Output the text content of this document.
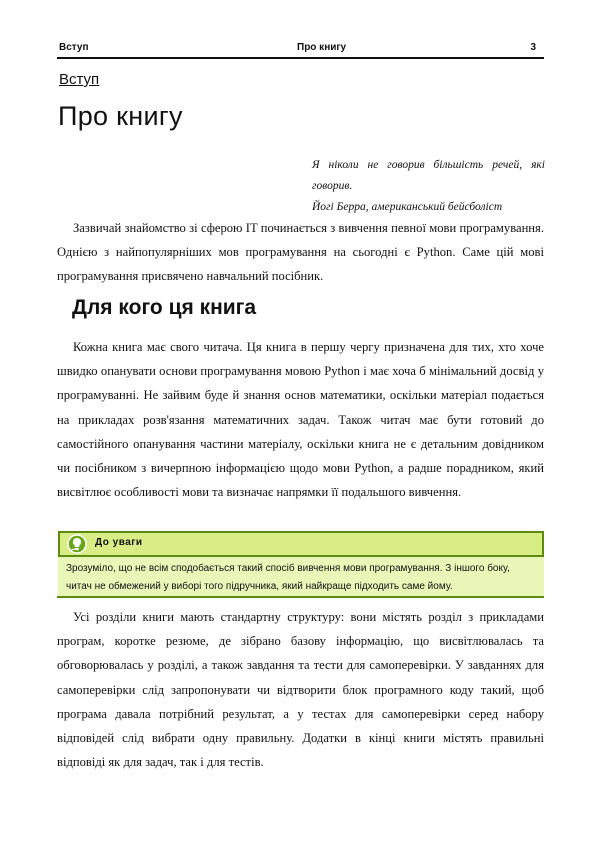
Вступ	Про книгу	3
Вступ
Про книгу
Я ніколи не говорив більшість речей, які говорив.
Йогі Берра, американський бейсболіст

Зазвичай знайомство зі сферою IT починається з вивчення певної мови програмування. Однією з найпопулярніших мов програмування на сьогодні є Python. Саме цій мові програмування присвячено навчальний посібник.

Для кого ця книга

Кожна книга має свого читача. Ця книга в першу чергу призначена для тих, хто хоче швидко опанувати основи програмування мовою Python і має хоча б мінімальний досвід у програмуванні. Не зайвим буде й знання основ математики, оскільки матеріал подається на прикладах розв'язання математичних задач. Також читач має бути готовий до самостійного опанування частини матеріалу, оскільки книга не є детальним довідником чи посібником з вичерпною інформацією щодо мови Python, а радше порадником, який висвітлює особливості мови та визначає напрямки її подальшого вивчення.

До уваги
Зрозуміло, що не всім сподобається такий спосіб вивчення мови програмування. З іншого боку, читач не обмежений у виборі того підручника, який найкраще підходить саме йому.

Усі розділи книги мають стандартну структуру: вони містять розділ з прикладами програм, коротке резюме, де зібрано базову інформацію, що висвітлювалась та обговорювалась у розділі, а також завдання та тести для самоперевірки. У завданнях для самоперевірки слід запропонувати чи відтворити блок програмного коду такий, щоб програма давала потрібний результат, а у тестах для самоперевірки серед набору відповідей слід вибрати одну правильну. Додатки в кінці книги містять правильні відповіді як для задач, так і для тестів.
